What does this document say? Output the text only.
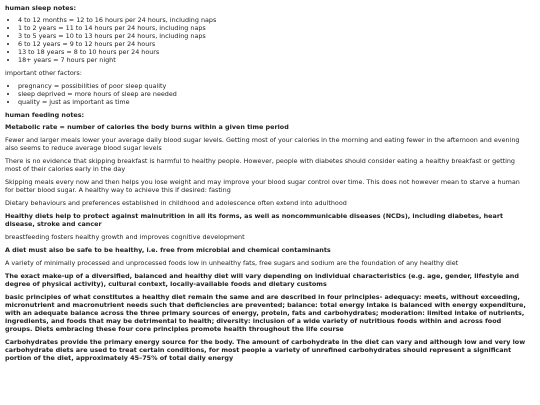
human sleep notes:
• 4 to 12 months = 12 to 16 hours per 24 hours, including naps
• 1 to 2 years = 11 to 14 hours per 24 hours, including naps
• 3 to 5 years = 10 to 13 hours per 24 hours, including naps
• 6 to 12 years = 9 to 12 hours per 24 hours
• 13 to 18 years = 8 to 10 hours per 24 hours
• 18+ years = 7 hours per night

important other factors:

• pregnancy = possibilities of poor sleep quality
• sleep deprived = more hours of sleep are needed
• quality = just as important as time
human feeding notes:
Metabolic rate = number of calories the body burns within a given time period

Fewer and larger meals lower your average daily blood sugar levels. Getting most of your calories in the morning and eating fewer in the afternoon and evening also seems to reduce average blood sugar levels

There is no evidence that skipping breakfast is harmful to healthy people. However, people with diabetes should consider eating a healthy breakfast or getting most of their calories early in the day

Skipping meals every now and then helps you lose weight and may improve your blood sugar control over time. This does not however mean to starve a human for better blood sugar. A healthy way to achieve this if desired: fasting

Dietary behaviours and preferences established in childhood and adolescence often extend into adulthood

Healthy diets help to protect against malnutrition in all its forms, as well as noncommunicable diseases (NCDs), including diabetes, heart disease, stroke and cancer

breastfeeding fosters healthy growth and improves cognitive development

A diet must also be safe to be healthy, i.e. free from microbial and chemical contaminants

A variety of minimally processed and unprocessed foods low in unhealthy fats, free sugars and sodium are the foundation of any healthy diet

The exact make-up of a diversified, balanced and healthy diet will vary depending on individual characteristics (e.g. age, gender, lifestyle and degree of physical activity), cultural context, locally-available foods and dietary customs
basic principles of what constitutes a healthy diet remain the same and are described in four principles- adequacy: meets, without exceeding, micronutrient and macronutrient needs such that deficiencies are prevented; balance: total energy intake is balanced with energy expenditure, with an adequate balance across the three primary sources of energy, protein, fats and carbohydrates; moderation: limited intake of nutrients, ingredients, and foods that may be detrimental to health; diversity: inclusion of a wide variety of nutritious foods within and across food groups. Diets embracing these four core principles promote health throughout the life course
Carbohydrates provide the primary energy source for the body. The amount of carbohydrate in the diet can vary and although low and very low carbohydrate diets are used to treat certain conditions, for most people a variety of unrefined carbohydrates should represent a significant portion of the diet, approximately 45–75% of total daily energy
